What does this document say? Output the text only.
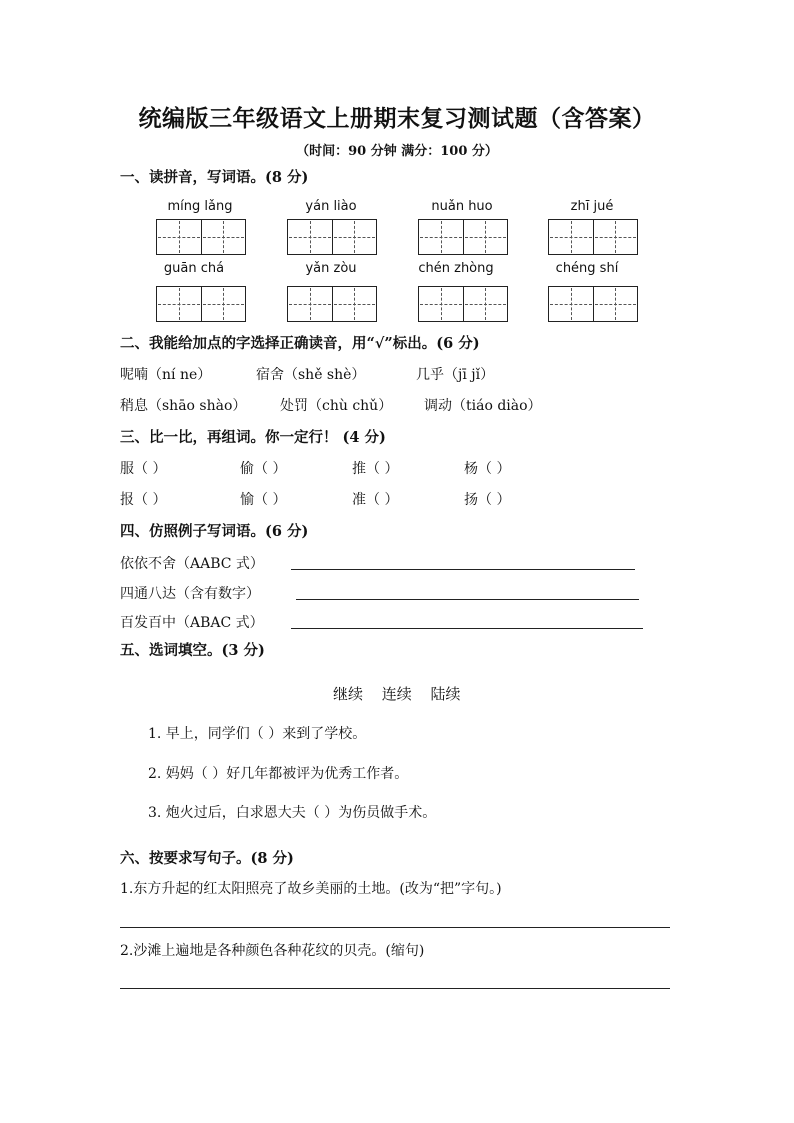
统编版三年级语文上册期末复习测试题（含答案）
（时间：90 分钟 满分：100 分）
一、读拼音，写词语。(8 分)
míng lǎng	yán liào	nuǎn huo	zhī jué
guān chá	yǎn zòu	chén zhòng	chéng shí
二、我能给加点的字选择正确读音，用“√”标出。(6 分)
呢喃（ní ne）	宿舍（shě shè）	几乎（jī jǐ）
稍息（shāo shào） 处罚（chù chǔ） 调动（tiáo diào）
三、比一比，再组词。你一定行！ (4 分)
服（ ）	偷（ ）	推（ ）	杨（ ）
报（ ）	愉（ ）	准（ ）	扬（ ）
四、仿照例子写词语。(6 分)
依依不舍（AABC 式）
四通八达（含有数字）
百发百中（ABAC 式）
五、选词填空。(3 分)
继续 连续 陆续
1. 早上，同学们（ ）来到了学校。
2. 妈妈（ ）好几年都被评为优秀工作者。
3. 炮火过后，白求恩大夫（ ）为伤员做手术。
六、按要求写句子。(8 分)
1.东方升起的红太阳照亮了故乡美丽的土地。(改为“把”字句。)
2.沙滩上遍地是各种颜色各种花纹的贝壳。(缩句)
